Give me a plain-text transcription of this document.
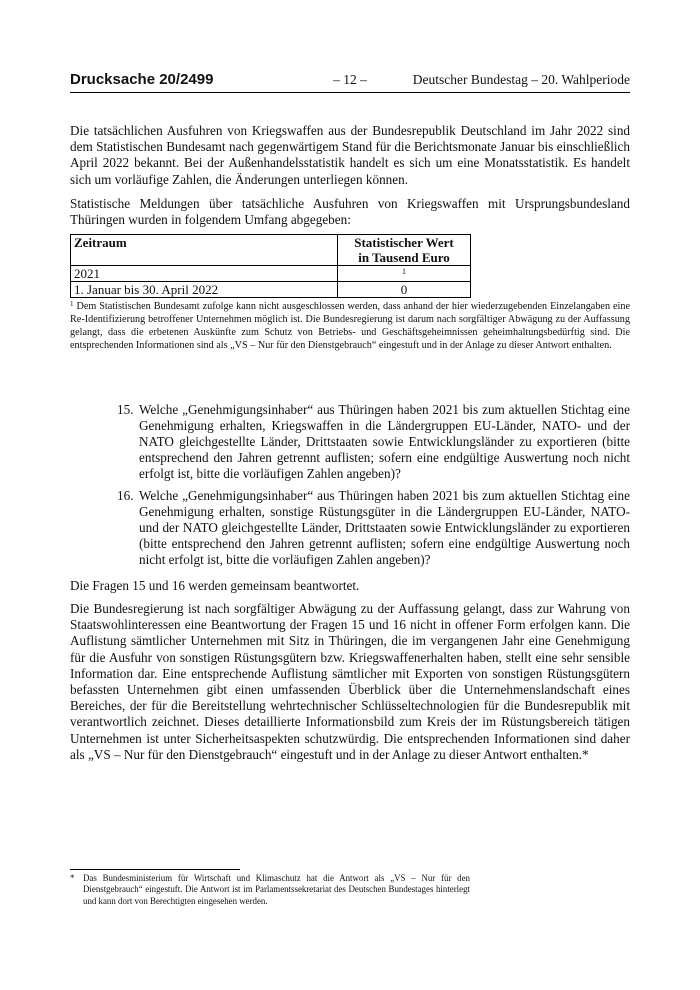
Drucksache 20/2499	– 12 –	Deutscher Bundestag – 20. Wahlperiode

Die tatsächlichen Ausfuhren von Kriegswaffen aus der Bundesrepublik Deutschland im Jahr 2022 sind dem Statistischen Bundesamt nach gegenwärtigem Stand für die Berichtsmonate Januar bis einschließlich April 2022 bekannt. Bei der Außenhandelsstatistik handelt es sich um eine Monatsstatistik. Es handelt sich um vorläufige Zahlen, die Änderungen unterliegen können.

Statistische Meldungen über tatsächliche Ausfuhren von Kriegswaffen mit Ursprungsbundesland Thüringen wurden in folgendem Umfang abgegeben:

Zeitraum	Statistischer Wert
in Tausend Euro
2021	1
1. Januar bis 30. April 2022	0

$^1$ Dem Statistischen Bundesamt zufolge kann nicht ausgeschlossen werden, dass anhand der hier wiederzugebenden Einzelangaben eine Re-Identifizierung betroffener Unternehmen möglich ist. Die Bundesregierung ist darum nach sorgfältiger Abwägung zu der Auffassung gelangt, dass die erbetenen Auskünfte zum Schutz von Betriebs- und Geschäftsgeheimnissen geheimhaltungsbedürftig sind. Die entsprechenden Informationen sind als „VS – Nur für den Dienstgebrauch“ eingestuft und in der Anlage zu dieser Antwort enthalten.

15. Welche „Genehmigungsinhaber“ aus Thüringen haben 2021 bis zum aktuellen Stichtag eine Genehmigung erhalten, Kriegswaffen in die Ländergruppen EU-Länder, NATO- und der NATO gleichgestellte Länder, Drittstaaten sowie Entwicklungsländer zu exportieren (bitte entsprechend den Jahren getrennt auflisten; sofern eine endgültige Auswertung noch nicht erfolgt ist, bitte die vorläufigen Zahlen angeben)?

16. Welche „Genehmigungsinhaber“ aus Thüringen haben 2021 bis zum aktuellen Stichtag eine Genehmigung erhalten, sonstige Rüstungsgüter in die Ländergruppen EU-Länder, NATO- und der NATO gleichgestellte Länder, Drittstaaten sowie Entwicklungsländer zu exportieren (bitte entsprechend den Jahren getrennt auflisten; sofern eine endgültige Auswertung noch nicht erfolgt ist, bitte die vorläufigen Zahlen angeben)?

Die Fragen 15 und 16 werden gemeinsam beantwortet.

Die Bundesregierung ist nach sorgfältiger Abwägung zu der Auffassung gelangt, dass zur Wahrung von Staatswohlinteressen eine Beantwortung der Fragen 15 und 16 nicht in offener Form erfolgen kann. Die Auflistung sämtlicher Unternehmen mit Sitz in Thüringen, die im vergangenen Jahr eine Genehmigung für die Ausfuhr von sonstigen Rüstungsgütern bzw. Kriegswaffenerhalten haben, stellt eine sehr sensible Information dar. Eine entsprechende Auflistung sämtlicher mit Exporten von sonstigen Rüstungsgütern befassten Unternehmen gibt einen umfassenden Überblick über die Unternehmenslandschaft eines Bereiches, der für die Bereitstellung wehrtechnischer Schlüsseltechnologien für die Bundesrepublik mit verantwortlich zeichnet. Dieses detaillierte Informationsbild zum Kreis der im Rüstungsbereich tätigen Unternehmen ist unter Sicherheitsaspekten schutzwürdig. Die entsprechenden Informationen sind daher als „VS – Nur für den Dienstgebrauch“ eingestuft und in der Anlage zu dieser Antwort enthalten.*

* Das Bundesministerium für Wirtschaft und Klimaschutz hat die Antwort als „VS – Nur für den Dienstgebrauch“ eingestuft. Die Antwort ist im Parlamentssekretariat des Deutschen Bundestages hinterlegt und kann dort von Berechtigten eingesehen werden.
